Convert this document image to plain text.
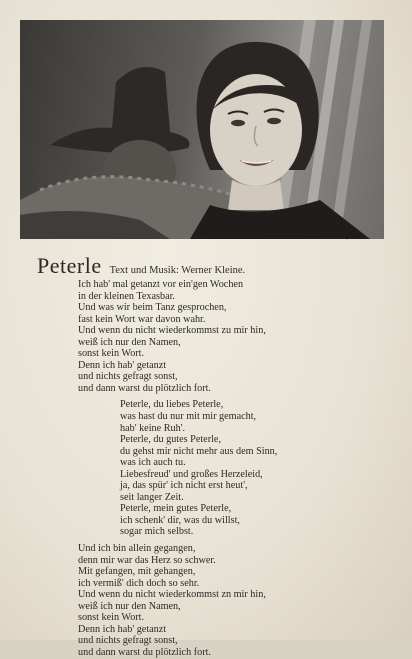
Peterle Text und Musik: Werner Kleine.
Ich hab' mal getanzt vor ein'gen Wochen
in der kleinen Texasbar.
Und was wir beim Tanz gesprochen,
fast kein Wort war davon wahr.
Und wenn du nicht wiederkommst zu mir hin,
weiß ich nur den Namen,
sonst kein Wort.
Denn ich hab' getanzt
und nichts gefragt sonst,
und dann warst du plötzlich fort.
Peterle, du liebes Peterle,
was hast du nur mit mir gemacht,
hab' keine Ruh'.
Peterle, du gutes Peterle,
du gehst mir nicht mehr aus dem Sinn,
was ich auch tu.
Liebesfreud' und großes Herzeleid,
ja, das spür' ich nicht erst heut',
seit langer Zeit.
Peterle, mein gutes Peterle,
ich schenk' dir, was du willst,
sogar mich selbst.
Und ich bin allein gegangen,
denn mir war das Herz so schwer.
Mit gefangen, mit gehangen,
ich vermiß' dich doch so sehr.
Und wenn du nicht wiederkommst zn mir hin,
weiß ich nur den Namen,
sonst kein Wort.
Denn ich hab' getanzt
und nichts gefragt sonst,
und dann warst du plötzlich fort.
